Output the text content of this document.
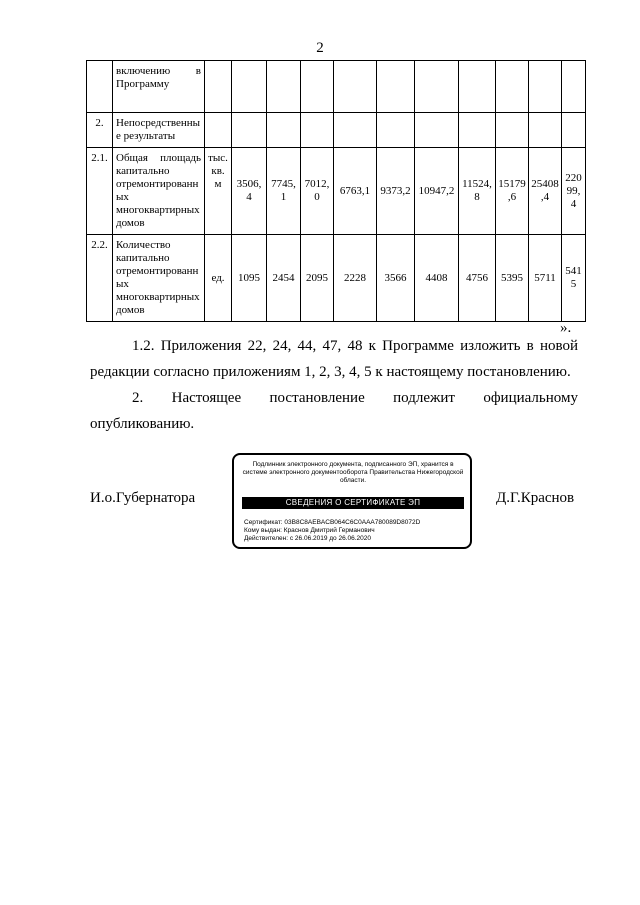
2
	включению в Программу											
2.	Непосредственные результаты											
2.1.	Общая площадь капитально отремонтированных многоквартирных домов	тыс. кв. м	3506,4	7745,1	7012,0	6763,1	9373,2	10947,2	11524,8	15179,6	25408,4	22099,4
2.2.	Количество капитально отремонтированных многоквартирных домов	ед.	1095	2454	2095	2228	3566	4408	4756	5395	5711	5415
».
1.2. Приложения 22, 24, 44, 47, 48 к Программе изложить в новой редакции согласно приложениям 1, 2, 3, 4, 5 к настоящему постановлению.
2. Настоящее постановление подлежит официальному опубликованию.
И.о.Губернатора
Подлинник электронного документа, подписанного ЭП, хранится в системе электронного документооборота Правительства Нижегородской области.
СВЕДЕНИЯ О СЕРТИФИКАТЕ ЭП
Сертификат: 03B8C8AEBACB064C6C0AAA780089D8072D
Кому выдан: Краснов Дмитрий Германович
Действителен: с 26.06.2019 до 26.06.2020
Д.Г.Краснов
